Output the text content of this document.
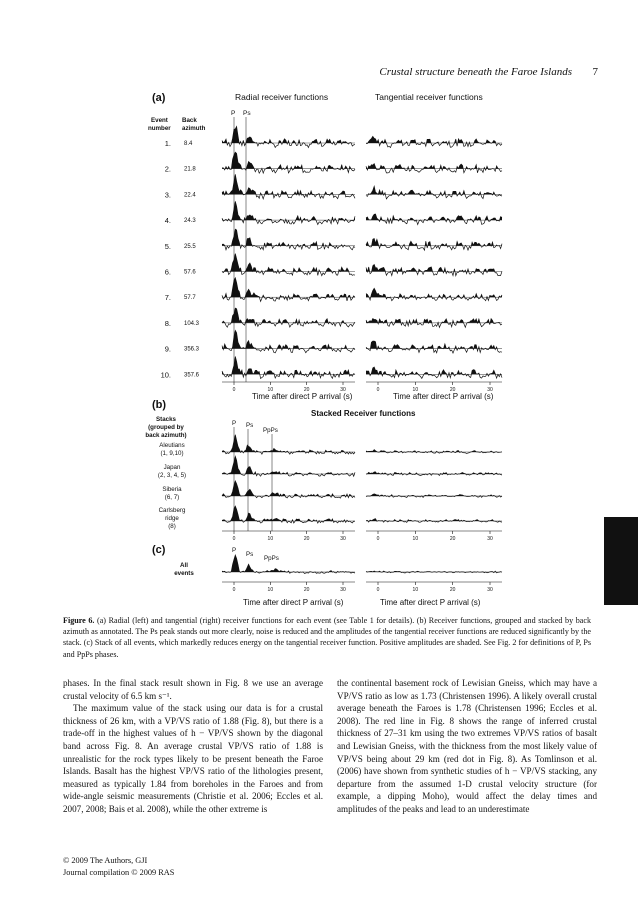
Crustal structure beneath the Faroe Islands 7
(a)	Radial receiver functions	Tangential receiver functions
Event
number
Back
azimuth
P Ps
Time after direct P arrival (s)	Time after direct P arrival (s)
(b)
Stacked Receiver functions
Stacks
(grouped by
back azimuth)
P Ps
PpPs
Aleutians
(1, 9,10)
Japan
(2, 3, 4, 5)
Siberia
(6, 7)
Carlsberg
ridge
(8)
(c)
All
events
P
Ps
PpPs
Time after direct P arrival (s)	Time after direct P arrival (s)
1. 8.4
2. 21.8
3. 22.4
4. 24.3
5. 25.5
6. 57.6
7. 57.7
8. 104.3
9. 356.3
10. 357.6
0	10	20	30	0	10	20	30
0	10	20	30	0	10	20	30
0	10	20	30	0	10	20	30
Figure 6. (a) Radial (left) and tangential (right) receiver functions for each event (see Table 1 for details). (b) Receiver functions, grouped and stacked by back azimuth as annotated. The Ps peak stands out more clearly, noise is reduced and the amplitudes of the tangential receiver functions are reduced significantly by the stack. (c) Stack of all events, which markedly reduces energy on the tangential receiver function. Positive amplitudes are shaded. See Fig. 2 for definitions of P, Ps and PpPs phases.

phases. In the final stack result shown in Fig. 8 we use an average crustal velocity of 6.5 km s⁻¹.

The maximum value of the stack using our data is for a crustal thickness of 26 km, with a VP/VS ratio of 1.88 (Fig. 8), but there is a trade-off in the highest values of h − VP/VS shown by the diagonal band across Fig. 8. An average crustal VP/VS ratio of 1.88 is unrealistic for the rock types likely to be present beneath the Faroe Islands. Basalt has the highest VP/VS ratio of the lithologies present, measured as typically 1.84 from boreholes in the Faroes and from wide-angle seismic measurements (Christie et al. 2006; Eccles et al. 2007, 2008; Bais et al. 2008), while the other extreme is

the continental basement rock of Lewisian Gneiss, which may have a VP/VS ratio as low as 1.73 (Christensen 1996). A likely overall crustal average beneath the Faroes is 1.78 (Christensen 1996; Eccles et al. 2008). The red line in Fig. 8 shows the range of inferred crustal thickness of 27–31 km using the two extremes VP/VS ratios of basalt and Lewisian Gneiss, with the thickness from the most likely value of VP/VS being about 29 km (red dot in Fig. 8). As Tomlinson et al. (2006) have shown from synthetic studies of h − VP/VS stacking, any departure from the assumed 1-D crustal velocity structure (for example, a dipping Moho), would affect the delay times and amplitudes of the peaks and lead to an underestimate

© 2009 The Authors, GJI
Journal compilation © 2009 RAS
